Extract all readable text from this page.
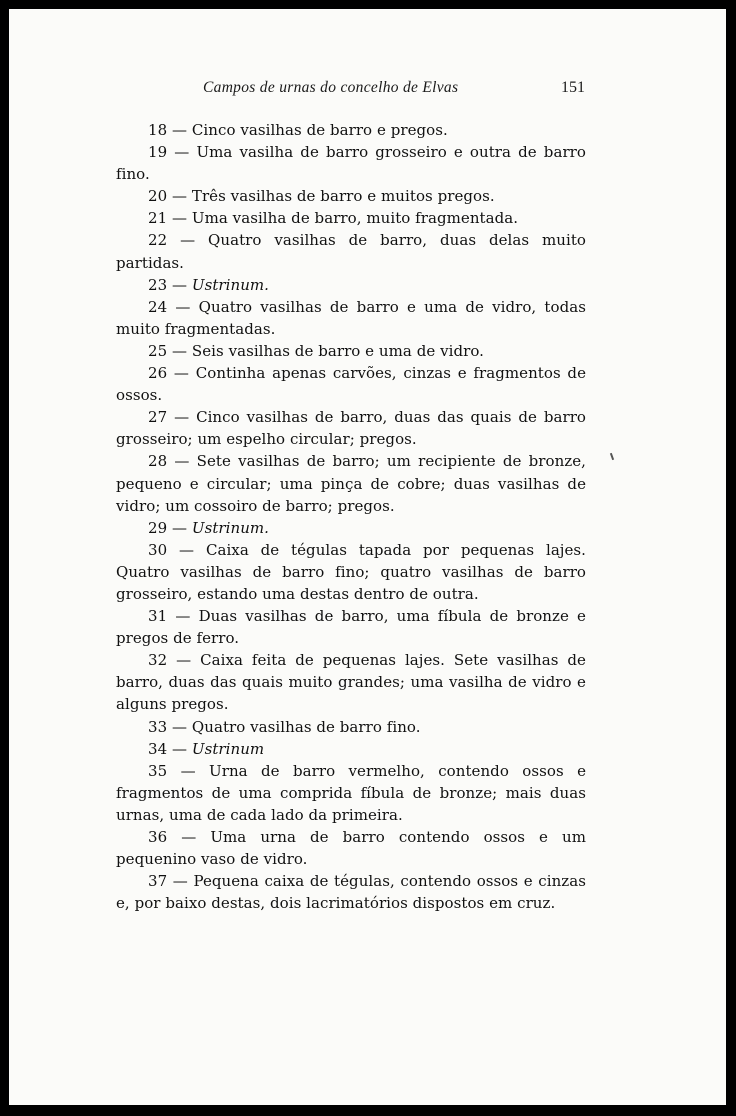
Campos de urnas do concelho de Elvas	151

18 — Cinco vasilhas de barro e pregos.

19 — Uma vasilha de barro grosseiro e outra de barro fino.

20 — Três vasilhas de barro e muitos pregos.

21 — Uma vasilha de barro, muito fragmentada.

22 — Quatro vasilhas de barro, duas delas muito partidas.

23 — Ustrinum.

24 — Quatro vasilhas de barro e uma de vidro, todas muito fragmentadas.

25 — Seis vasilhas de barro e uma de vidro.

26 — Continha apenas carvões, cinzas e fragmentos de ossos.

27 — Cinco vasilhas de barro, duas das quais de barro grosseiro; um espelho circular; pregos.

28 — Sete vasilhas de barro; um recipiente de bronze, pequeno e circular; uma pinça de cobre; duas vasilhas de vidro; um cossoiro de barro; pregos.

29 — Ustrinum.

30 — Caixa de tégulas tapada por pequenas lajes. Quatro vasilhas de barro fino; quatro vasilhas de barro grosseiro, estando uma destas dentro de outra.

31 — Duas vasilhas de barro, uma fíbula de bronze e pregos de ferro.

32 — Caixa feita de pequenas lajes. Sete vasilhas de barro, duas das quais muito grandes; uma vasilha de vidro e alguns pregos.

33 — Quatro vasilhas de barro fino.

34 — Ustrinum

35 — Urna de barro vermelho, contendo ossos e fragmentos de uma comprida fíbula de bronze; mais duas urnas, uma de cada lado da primeira.

36 — Uma urna de barro contendo ossos e um pequenino vaso de vidro.

37 — Pequena caixa de tégulas, contendo ossos e cinzas e, por baixo destas, dois lacrimatórios dispostos em cruz.
